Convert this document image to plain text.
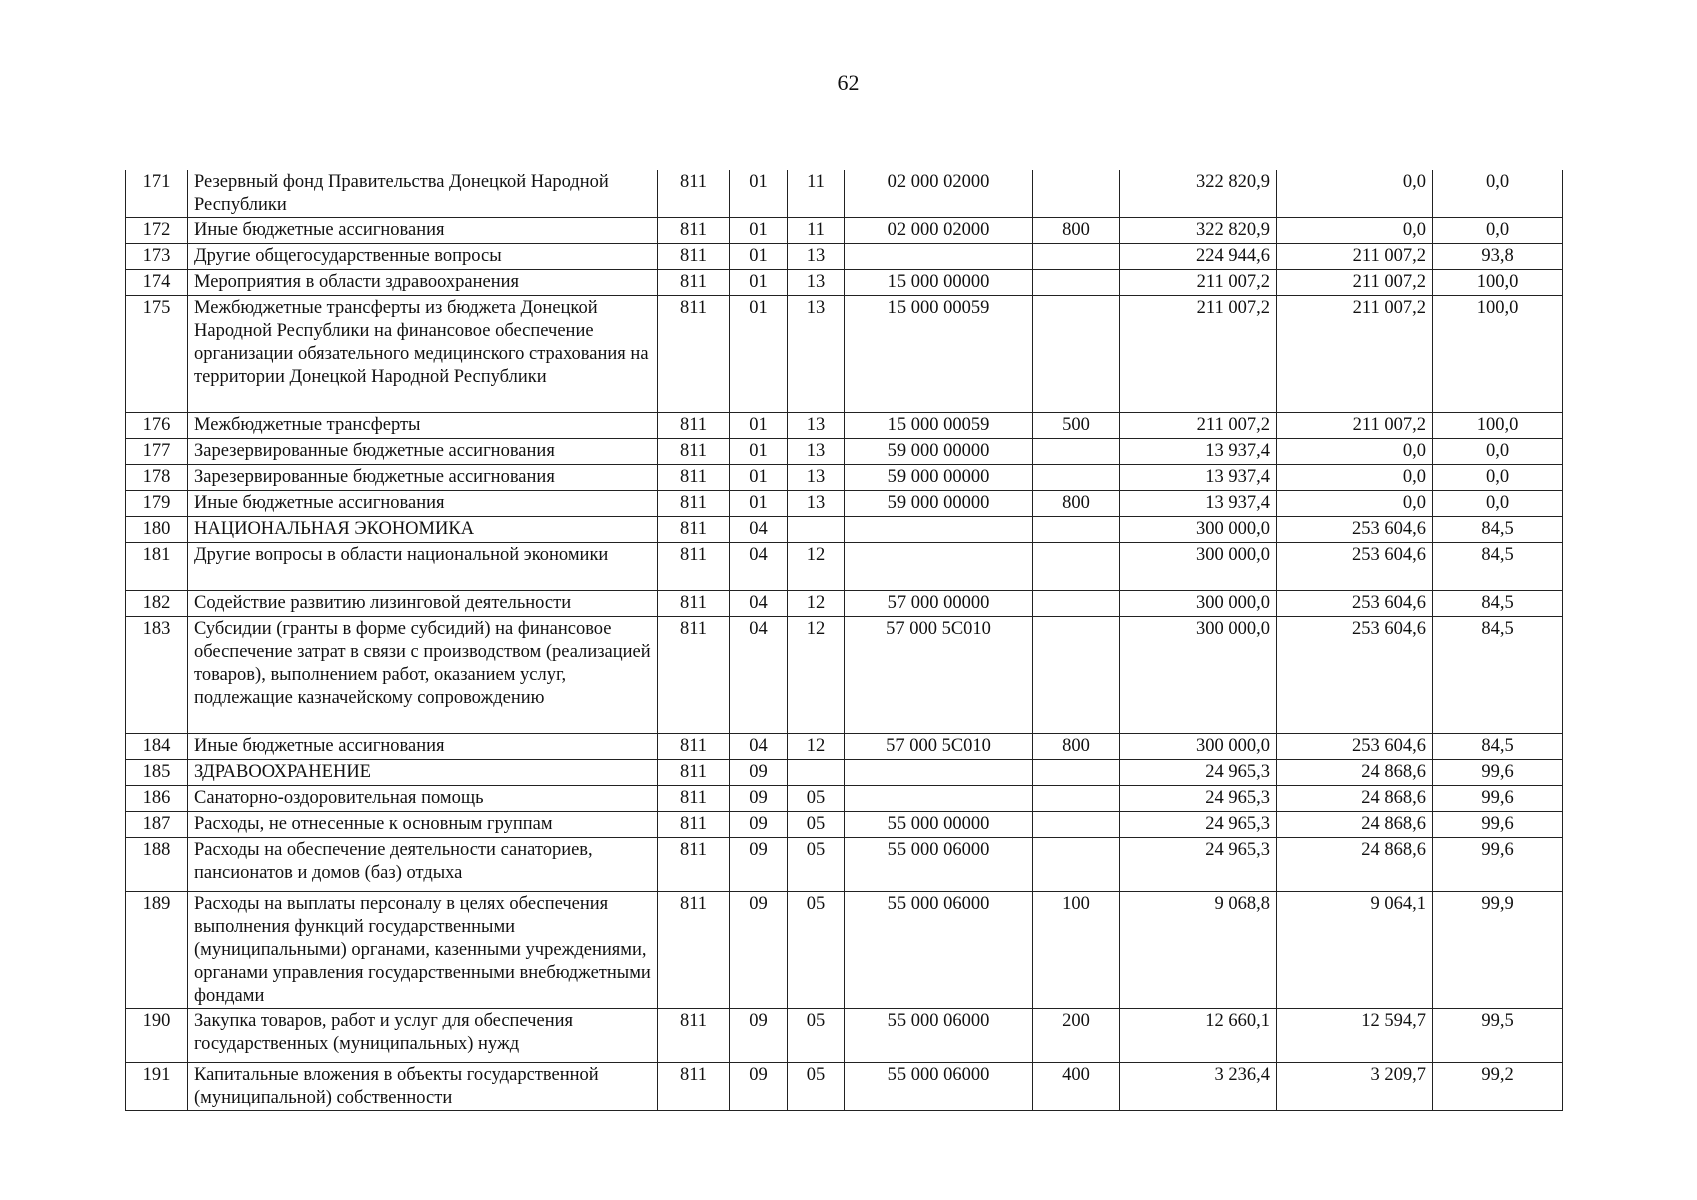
62
171	Резервный фонд Правительства Донецкой Народной Республики	811	01	11	02 000 02000		322 820,9	0,0	0,0
172	Иные бюджетные ассигнования	811	01	11	02 000 02000	800	322 820,9	0,0	0,0
173	Другие общегосударственные вопросы	811	01	13			224 944,6	211 007,2	93,8
174	Мероприятия в области здравоохранения	811	01	13	15 000 00000		211 007,2	211 007,2	100,0
175	Межбюджетные трансферты из бюджета Донецкой Народной Республики на финансовое обеспечение организации обязательного медицинского страхования на территории Донецкой Народной Республики	811	01	13	15 000 00059		211 007,2	211 007,2	100,0
176	Межбюджетные трансферты	811	01	13	15 000 00059	500	211 007,2	211 007,2	100,0
177	Зарезервированные бюджетные ассигнования	811	01	13	59 000 00000		13 937,4	0,0	0,0
178	Зарезервированные бюджетные ассигнования	811	01	13	59 000 00000		13 937,4	0,0	0,0
179	Иные бюджетные ассигнования	811	01	13	59 000 00000	800	13 937,4	0,0	0,0
180	НАЦИОНАЛЬНАЯ ЭКОНОМИКА	811	04				300 000,0	253 604,6	84,5
181	Другие вопросы в области национальной экономики	811	04	12			300 000,0	253 604,6	84,5
182	Содействие развитию лизинговой деятельности	811	04	12	57 000 00000		300 000,0	253 604,6	84,5
183	Субсидии (гранты в форме субсидий) на финансовое обеспечение затрат в связи с производством (реализацией товаров), выполнением работ, оказанием услуг, подлежащие казначейскому сопровождению	811	04	12	57 000 5C010		300 000,0	253 604,6	84,5
184	Иные бюджетные ассигнования	811	04	12	57 000 5C010	800	300 000,0	253 604,6	84,5
185	ЗДРАВООХРАНЕНИЕ	811	09				24 965,3	24 868,6	99,6
186	Санаторно-оздоровительная помощь	811	09	05			24 965,3	24 868,6	99,6
187	Расходы, не отнесенные к основным группам	811	09	05	55 000 00000		24 965,3	24 868,6	99,6
188	Расходы на обеспечение деятельности санаториев, пансионатов и домов (баз) отдыха	811	09	05	55 000 06000		24 965,3	24 868,6	99,6
189	Расходы на выплаты персоналу в целях обеспечения выполнения функций государственными (муниципальными) органами, казенными учреждениями, органами управления государственными внебюджетными фондами	811	09	05	55 000 06000	100	9 068,8	9 064,1	99,9
190	Закупка товаров, работ и услуг для обеспечения государственных (муниципальных) нужд	811	09	05	55 000 06000	200	12 660,1	12 594,7	99,5
191	Капитальные вложения в объекты государственной (муниципальной) собственности	811	09	05	55 000 06000	400	3 236,4	3 209,7	99,2
